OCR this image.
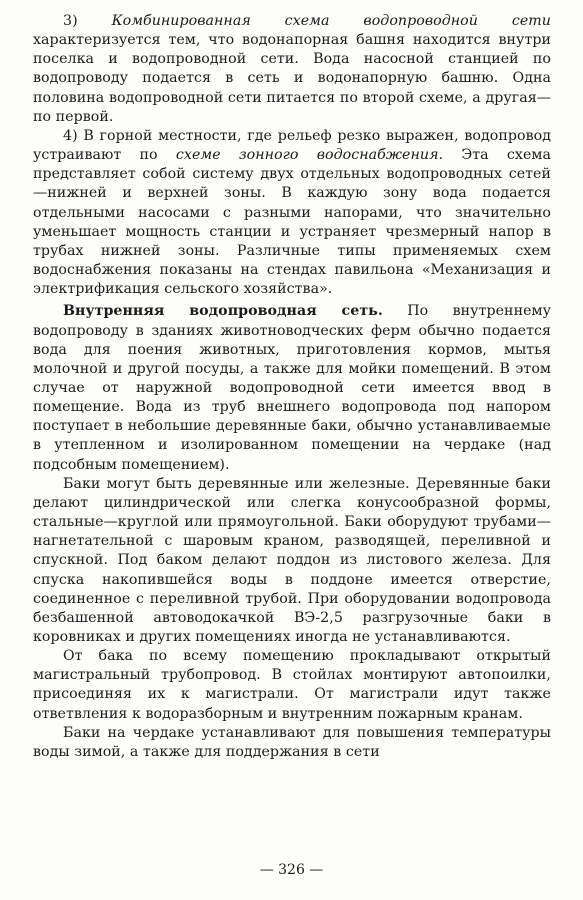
3) Комбинированная схема водопроводной сети характеризуется тем, что водонапорная башня находится внутри поселка и водопроводной сети. Вода насосной станцией по водопроводу подается в сеть и водонапорную башню. Одна половина водопроводной сети питается по второй схеме, а другая—по первой.

4) В горной местности, где рельеф резко выражен, водопровод устраивают по схеме зонного водоснабжения. Эта схема представляет собой систему двух отдельных водопроводных сетей—нижней и верхней зоны. В каждую зону вода подается отдельными насосами с разными напорами, что значительно уменьшает мощность станции и устраняет чрезмерный напор в трубах нижней зоны. Различные типы применяемых схем водоснабжения показаны на стендах павильона «Механизация и электрификация сельского хозяйства».

Внутренняя водопроводная сеть. По внутреннему водопроводу в зданиях животноводческих ферм обычно подается вода для поения животных, приготовления кормов, мытья молочной и другой посуды, а также для мойки помещений. В этом случае от наружной водопроводной сети имеется ввод в помещение. Вода из труб внешнего водопровода под напором поступает в небольшие деревянные баки, обычно устанавливаемые в утепленном и изолированном помещении на чердаке (над подсобным помещением).

Баки могут быть деревянные или железные. Деревянные баки делают цилиндрической или слегка конусообразной формы, стальные—круглой или прямоугольной. Баки оборудуют трубами—нагнетательной с шаровым краном, разводящей, переливной и спускной. Под баком делают поддон из листового железа. Для спуска накопившейся воды в поддоне имеется отверстие, соединенное с переливной трубой. При оборудовании водопровода безбашенной автоводокачкой ВЭ-2,5 разгрузочные баки в коровниках и других помещениях иногда не устанавливаются.

От бака по всему помещению прокладывают открытый магистральный трубопровод. В стойлах монтируют автопоилки, присоединяя их к магистрали. От магистрали идут также ответвления к водоразборным и внутренним пожарным кранам.

Баки на чердаке устанавливают для повышения температуры воды зимой, а также для поддержания в сети

— 326 —
